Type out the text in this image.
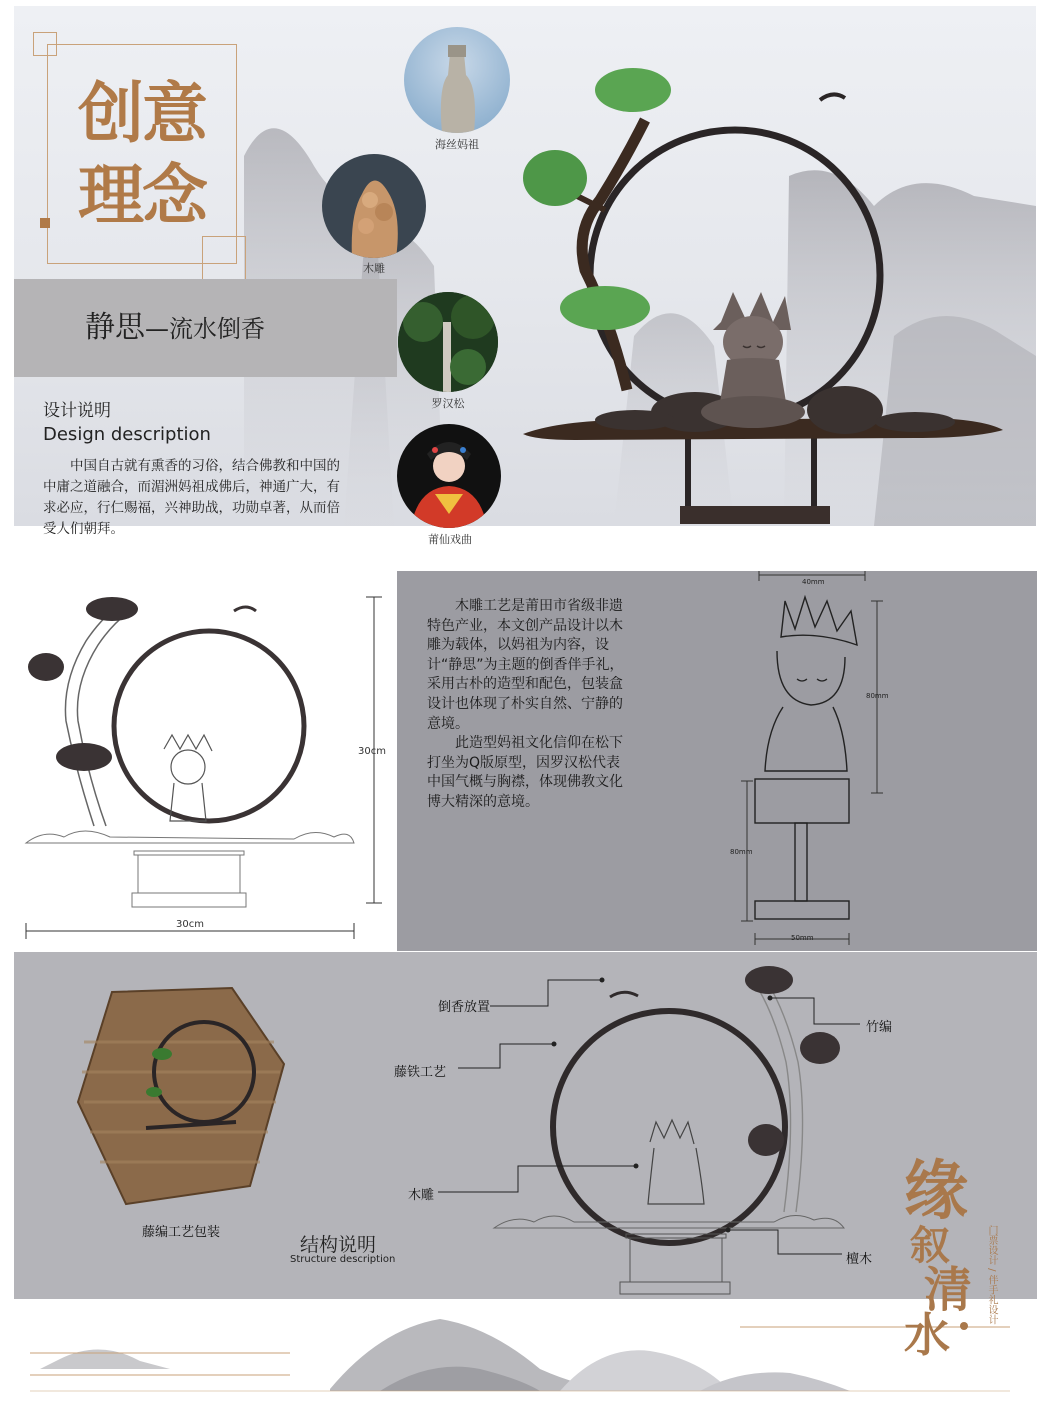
创
意
理
念
静思—流水倒香
海丝妈祖
木雕
罗汉松
莆仙戏曲
设计说明
Design description
中国自古就有熏香的习俗，结合佛教和中国的中庸之道融合，而湄洲妈祖成佛后，神通广大，有求必应，行仁赐福，兴神助战，功勋卓著，从而倍受人们朝拜。
30cm
30cm
木雕工艺是莆田市省级非遗特色产业，本文创产品设计以木雕为载体，以妈祖为内容，设计“静思”为主题的倒香伴手礼，采用古朴的造型和配色，包装盒设计也体现了朴实自然、宁静的意境。
此造型妈祖文化信仰在松下打坐为Q版原型，因罗汉松代表中国气概与胸襟，体现佛教文化博大精深的意境。
40mm
80mm
80mm
50mm
倒香放置
藤铁工艺
木雕
竹编
檀木
藤编工艺包装
结构说明
Structure description
缘
叙
清
水
门票设计 / 伴手礼设计
